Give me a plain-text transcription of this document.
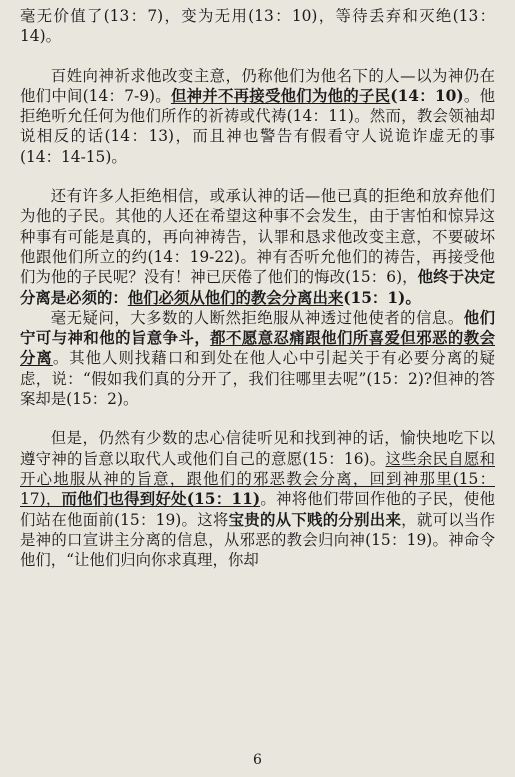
毫无价值了(13：7)，变为无用(13：10)，等待丢弃和灭绝(13：14)。

百姓向神祈求他改变主意，仍称他们为他名下的人—以为神仍在他们中间(14：7-9)。但神并不再接受他们为他的子民(14：10)。他拒绝听允任何为他们所作的祈祷或代祷(14：11)。然而，教会领袖却说相反的话(14：13)，而且神也警告有假看守人说诡诈虚无的事(14：14-15)。

还有许多人拒绝相信，或承认神的话—他已真的拒绝和放弃他们为他的子民。其他的人还在希望这种事不会发生，由于害怕和惊异这种事有可能是真的，再向神祷告，认罪和恳求他改变主意，不要破坏他跟他们所立的约(14：19-22)。神有否听允他们的祷告，再接受他们为他的子民呢？没有！神已厌倦了他们的悔改(15：6)，他终于决定分离是必须的：他们必须从他们的教会分离出来(15：1)。

毫无疑问，大多数的人断然拒绝服从神透过他使者的信息。他们宁可与神和他的旨意争斗，都不愿意忍痛跟他们所喜爱但邪恶的教会分离。其他人则找藉口和到处在他人心中引起关于有必要分离的疑虑，说：“假如我们真的分开了，我们往哪里去呢”(15：2)?但神的答案却是(15：2)。

但是，仍然有少数的忠心信徒听见和找到神的话，愉快地吃下以遵守神的旨意以取代人或他们自己的意愿(15：16)。这些余民自愿和开心地服从神的旨意，跟他们的邪恶教会分离，回到神那里(15：17)，而他们也得到好处(15：11)。神将他们带回作他的子民，使他们站在他面前(15：19)。这将宝贵的从下贱的分别出来，就可以当作是神的口宣讲主分离的信息，从邪恶的教会归向神(15：19)。神命令他们，“让他们归向你求真理，你却

6
